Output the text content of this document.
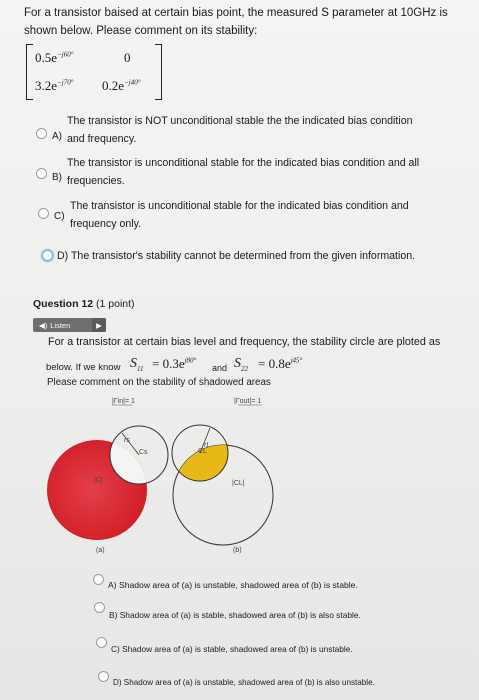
For a transistor baised at certain bias point, the measured S parameter at 10GHz is
shown below. Please comment on its stability:
$0.5e^{-j60^\circ}$	0
$3.2e^{-j70^\circ}$ $0.2e^{-j40^\circ}$
A)
The transistor is NOT unconditional stable the the indicated bias condition
and frequency.
B)
The transistor is unconditional stable for the indicated bias condition and all
frequencies.
C)
The transistor is unconditional stable for the indicated bias condition and
frequency only.
D) The transistor's stability cannot be determined from the given information.
Question 12 (1 point)
◀) Listen	▶
For a transistor at certain bias level and frequency, the stability circle are ploted as
below. If we know $S_{11} = 0.3e^{j80^\circ}$
and $S_{22} = 0.8e^{j45^\circ}$
Please comment on the stability of shadowed areas
|Γin|= 1	|Γout|= 1
rs
Cs
|C|
rL
CL
|CL|
(a)	(b)
A) Shadow area of (a) is unstable, shadowed area of (b) is stable.
B) Shadow area of (a) is stable, shadowed area of (b) is also stable.
C) Shadow area of (a) is stable, shadowed area of (b) is unstable.
D) Shadow area of (a) is unstable, shadowed area of (b) is also unstable.
